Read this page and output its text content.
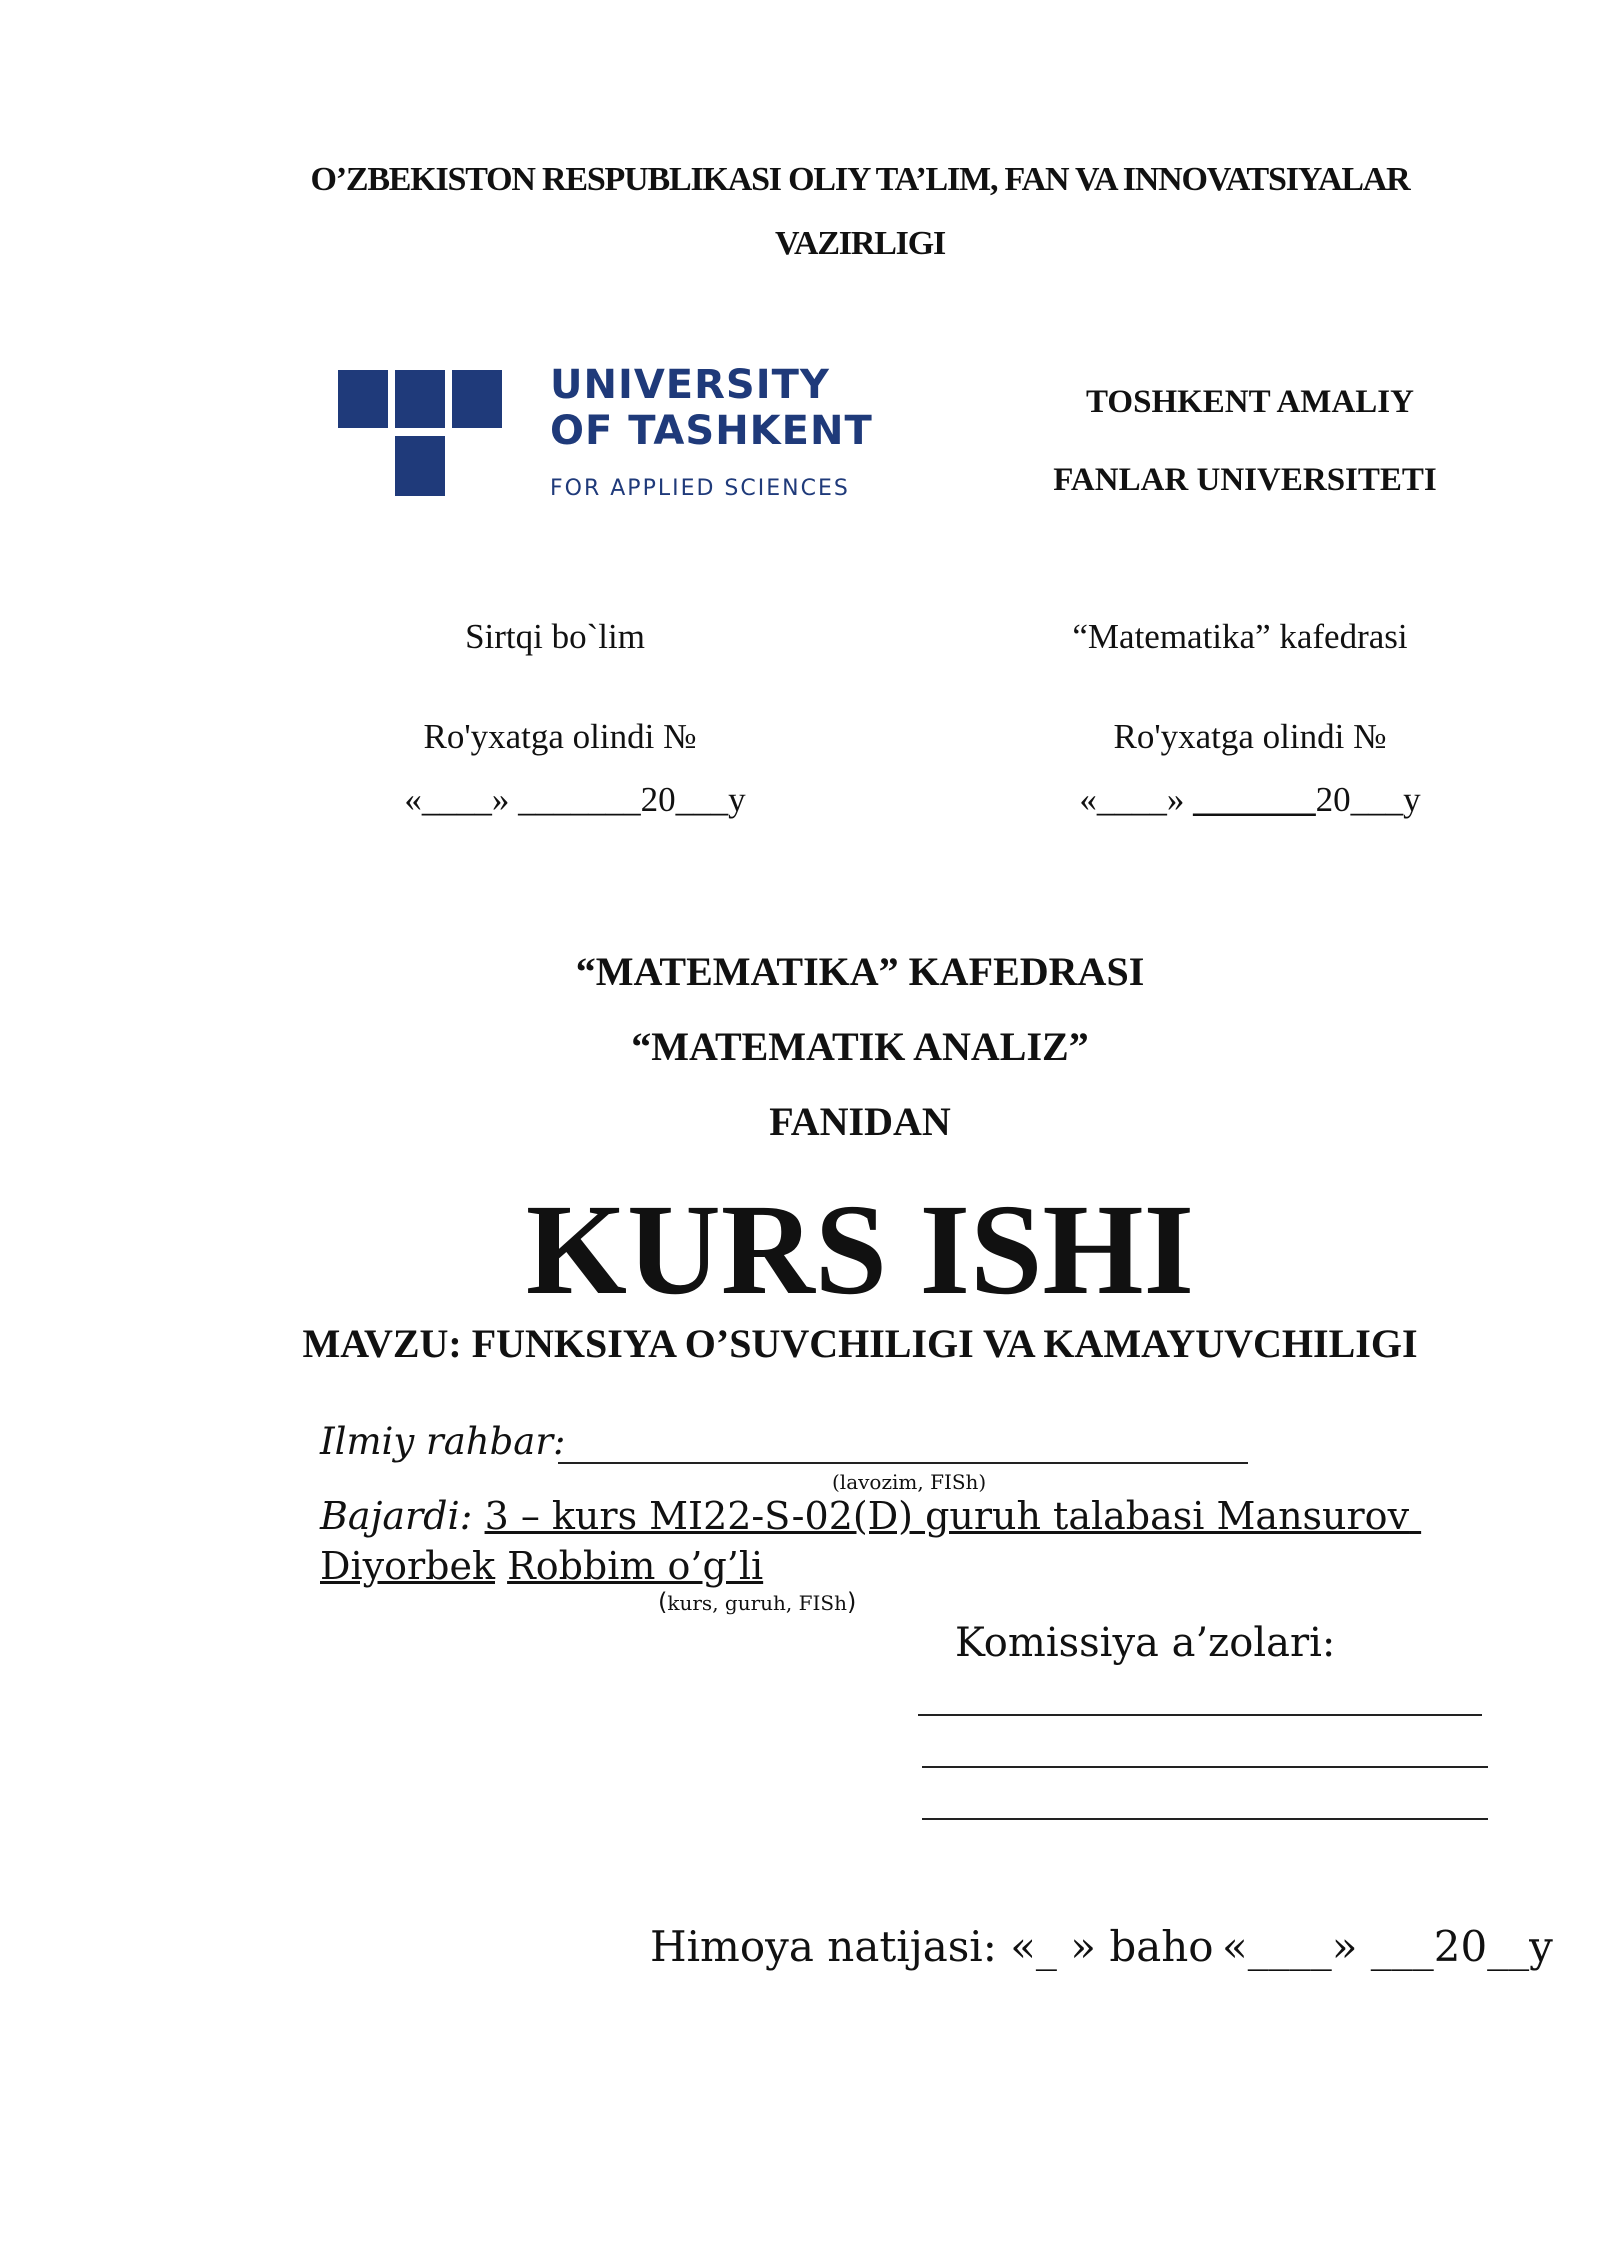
O’ZBEKISTON RESPUBLIKASI OLIY TA’LIM, FAN VA INNOVATSIYALAR
VAZIRLIGI
UNIVERSITY
OF TASHKENT
FOR APPLIED SCIENCES
TOSHKENT AMALIY
FANLAR UNIVERSITETI
Sirtqi bo`lim
Ro'yxatga olindi №
«____» _______20___y
“Matematika” kafedrasi
Ro'yxatga olindi №
«____» _______20___y
“MATEMATIKA” KAFEDRASI
“MATEMATIK ANALIZ”
FANIDAN
KURS ISHI
MAVZU: FUNKSIYA O’SUVCHILIGI VA KAMAYUVCHILIGI
Ilmiy rahbar:
(lavozim, FISh)
Bajardi: 3 – kurs MI22-S-02(D) guruh talabasi Mansurov
Diyorbek Robbim o’g’li
(kurs, guruh, FISh)
Komissiya a’zolari:
Himoya natijasi: «_ » baho «____» ___20__y
